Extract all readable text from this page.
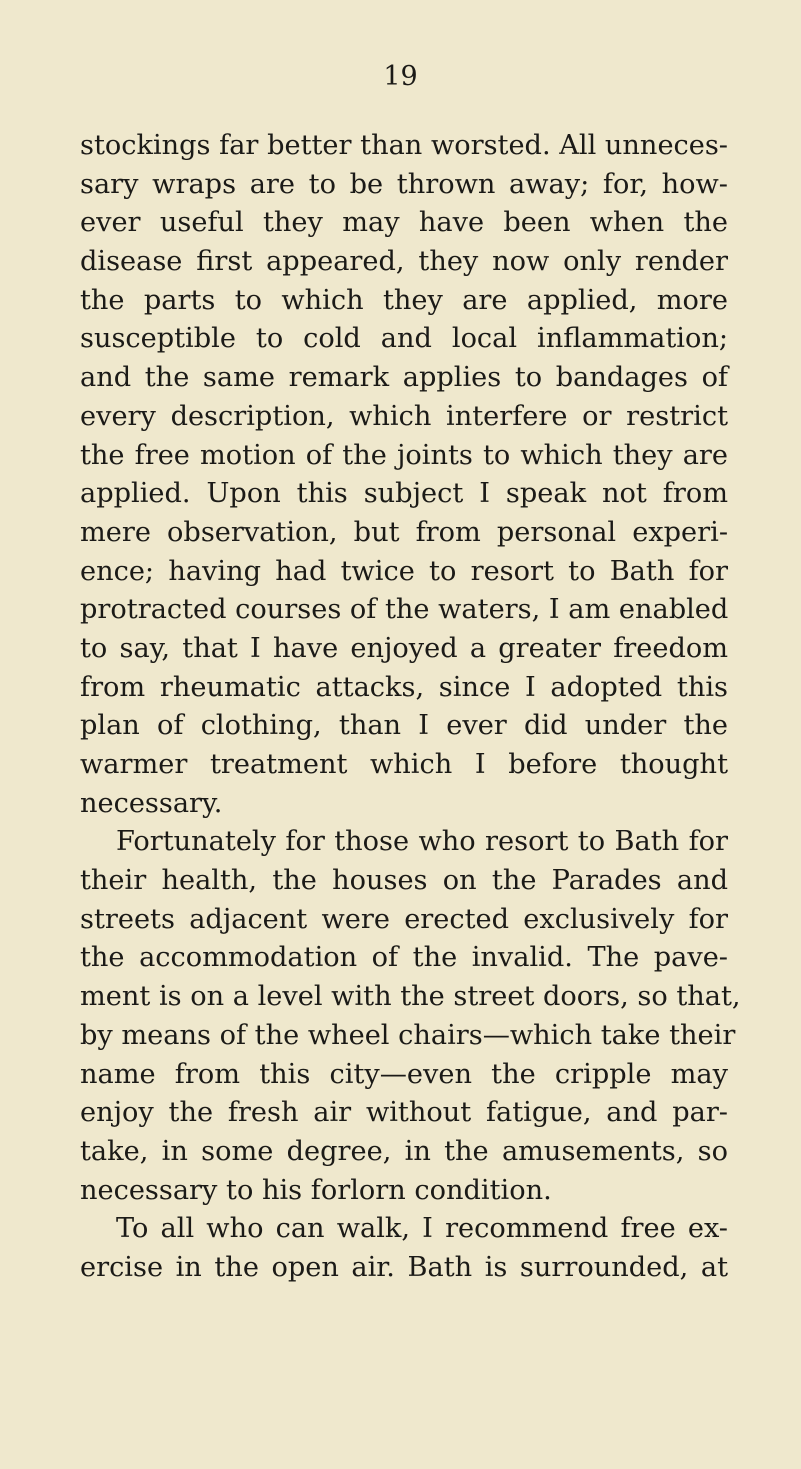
19
stockings far better than worsted. All unneces-
sary wraps are to be thrown away; for, how-
ever useful they may have been when the
disease first appeared, they now only render
the parts to which they are applied, more
susceptible to cold and local inflammation;
and the same remark applies to bandages of
every description, which interfere or restrict
the free motion of the joints to which they are
applied. Upon this subject I speak not from
mere observation, but from personal experi-
ence; having had twice to resort to Bath for
protracted courses of the waters, I am enabled
to say, that I have enjoyed a greater freedom
from rheumatic attacks, since I adopted this
plan of clothing, than I ever did under the
warmer treatment which I before thought
necessary.
Fortunately for those who resort to Bath for
their health, the houses on the Parades and
streets adjacent were erected exclusively for
the accommodation of the invalid. The pave-
ment is on a level with the street doors, so that,
by means of the wheel chairs—which take their
name from this city—even the cripple may
enjoy the fresh air without fatigue, and par-
take, in some degree, in the amusements, so
necessary to his forlorn condition.
To all who can walk, I recommend free ex-
ercise in the open air. Bath is surrounded, at
